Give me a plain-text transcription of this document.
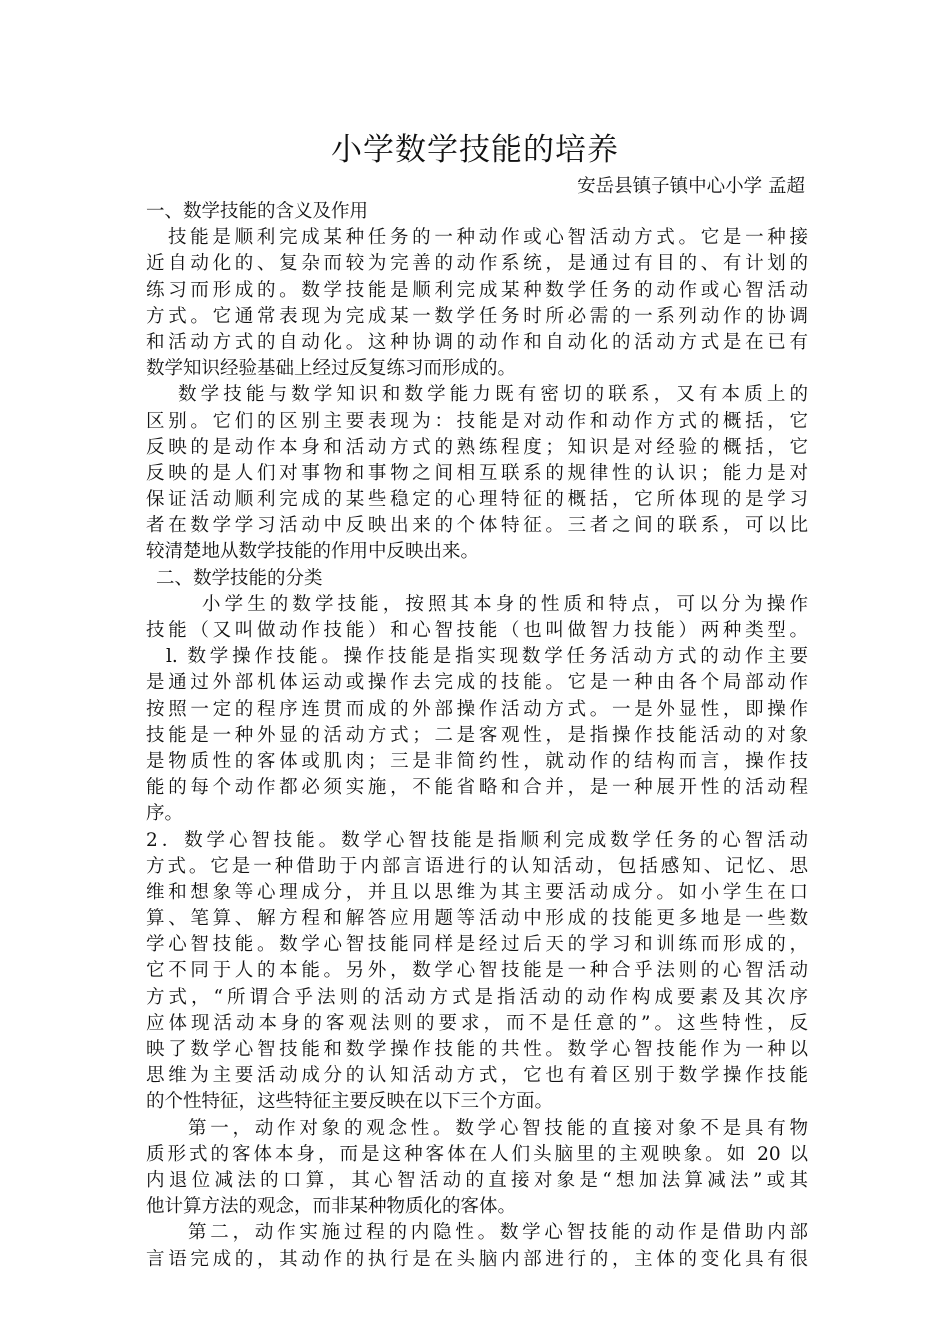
小学数学技能的培养
安岳县镇子镇中心小学 孟超
一、数学技能的含义及作用
技能是顺利完成某种任务的一种动作或心智活动方式。它是一种接
近自动化的、复杂而较为完善的动作系统，是通过有目的、有计划的
练习而形成的。数学技能是顺利完成某种数学任务的动作或心智活动
方式。它通常表现为完成某一数学任务时所必需的一系列动作的协调
和活动方式的自动化。这种协调的动作和自动化的活动方式是在已有
数学知识经验基础上经过反复练习而形成的。
数学技能与数学知识和数学能力既有密切的联系，又有本质上的
区别。它们的区别主要表现为：技能是对动作和动作方式的概括，它
反映的是动作本身和活动方式的熟练程度；知识是对经验的概括，它
反映的是人们对事物和事物之间相互联系的规律性的认识；能力是对
保证活动顺利完成的某些稳定的心理特征的概括，它所体现的是学习
者在数学学习活动中反映出来的个体特征。三者之间的联系，可以比
较清楚地从数学技能的作用中反映出来。
二、数学技能的分类
小学生的数学技能，按照其本身的性质和特点，可以分为操作
技能（又叫做动作技能）和心智技能（也叫做智力技能）两种类型。
l. 数学操作技能。操作技能是指实现数学任务活动方式的动作主要
是通过外部机体运动或操作去完成的技能。它是一种由各个局部动作
按照一定的程序连贯而成的外部操作活动方式。一是外显性，即操作
技能是一种外显的活动方式；二是客观性，是指操作技能活动的对象
是物质性的客体或肌肉；三是非简约性，就动作的结构而言，操作技
能的每个动作都必须实施，不能省略和合并，是一种展开性的活动程
序。
2．数学心智技能。数学心智技能是指顺利完成数学任务的心智活动
方式。它是一种借助于内部言语进行的认知活动，包括感知、记忆、思
维和想象等心理成分，并且以思维为其主要活动成分。如小学生在口
算、笔算、解方程和解答应用题等活动中形成的技能更多地是一些数
学心智技能。数学心智技能同样是经过后天的学习和训练而形成的，
它不同于人的本能。另外，数学心智技能是一种合乎法则的心智活动
方式，“所谓合乎法则的活动方式是指活动的动作构成要素及其次序
应体现活动本身的客观法则的要求，而不是任意的”。这些特性，反
映了数学心智技能和数学操作技能的共性。数学心智技能作为一种以
思维为主要活动成分的认知活动方式，它也有着区别于数学操作技能
的个性特征，这些特征主要反映在以下三个方面。
第一，动作对象的观念性。数学心智技能的直接对象不是具有物
质形式的客体本身，而是这种客体在人们头脑里的主观映象。如 20 以
内退位减法的口算，其心智活动的直接对象是“想加法算减法”或其
他计算方法的观念，而非某种物质化的客体。
第二，动作实施过程的内隐性。数学心智技能的动作是借助内部
言语完成的，其动作的执行是在头脑内部进行的，主体的变化具有很
